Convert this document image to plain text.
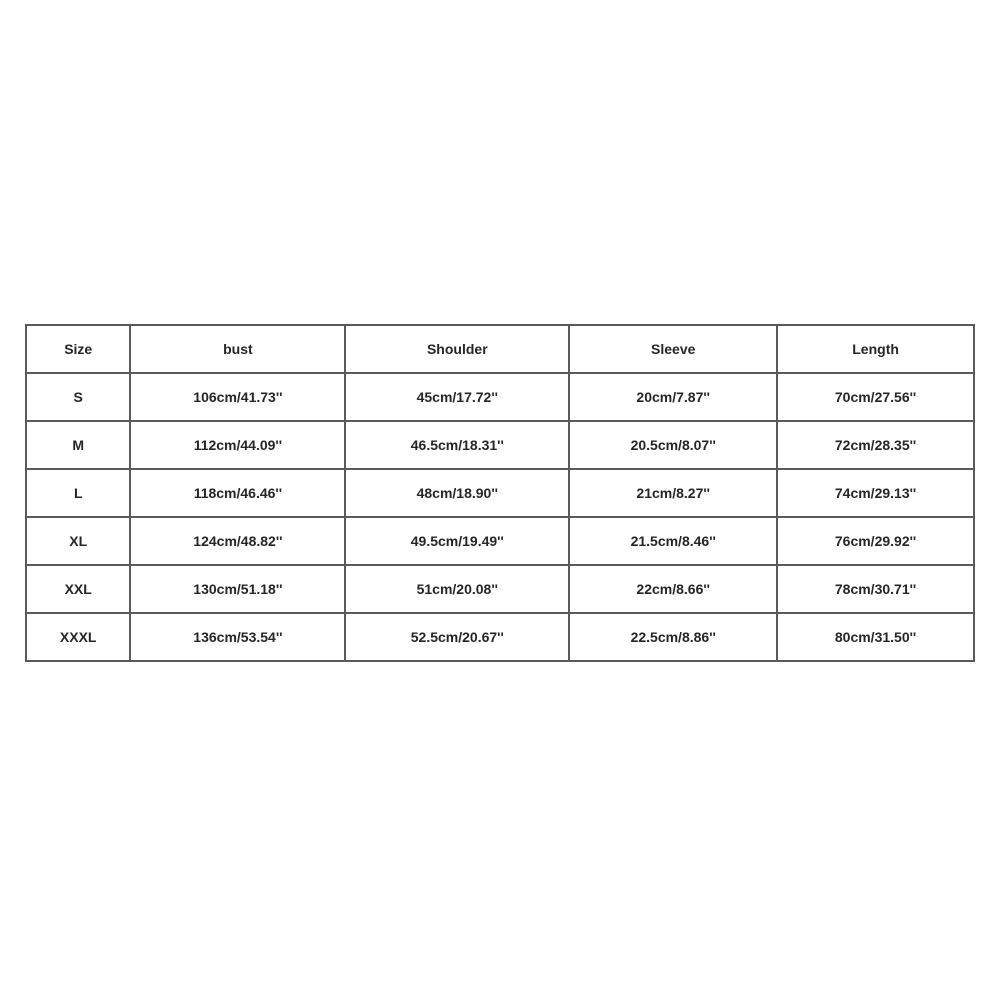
Size	bust	Shoulder	Sleeve	Length
S	106cm/41.73''	45cm/17.72''	20cm/7.87''	70cm/27.56''
M	112cm/44.09''	46.5cm/18.31''	20.5cm/8.07''	72cm/28.35''
L	118cm/46.46''	48cm/18.90''	21cm/8.27''	74cm/29.13''
XL	124cm/48.82''	49.5cm/19.49''	21.5cm/8.46''	76cm/29.92''
XXL	130cm/51.18''	51cm/20.08''	22cm/8.66''	78cm/30.71''
XXXL	136cm/53.54''	52.5cm/20.67''	22.5cm/8.86''	80cm/31.50''
